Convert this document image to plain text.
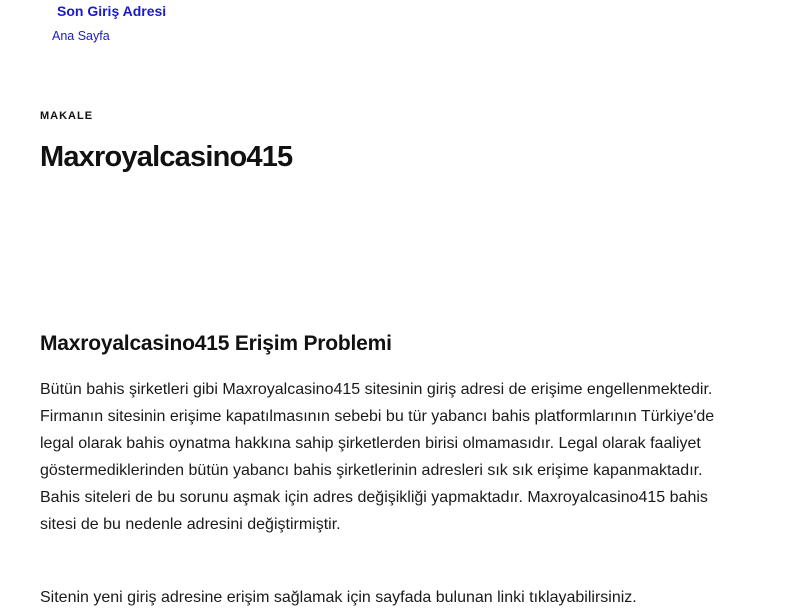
Son Giriş Adresi
Ana Sayfa
MAKALE
Maxroyalcasino415
Maxroyalcasino415 Erişim Problemi

Bütün bahis şirketleri gibi Maxroyalcasino415 sitesinin giriş adresi de erişime engellenmektedir. Firmanın sitesinin erişime kapatılmasının sebebi bu tür yabancı bahis platformlarının Türkiye'de legal olarak bahis oynatma hakkına sahip şirketlerden birisi olmamasıdır. Legal olarak faaliyet göstermediklerinden bütün yabancı bahis şirketlerinin adresleri sık sık erişime kapanmaktadır. Bahis siteleri de bu sorunu aşmak için adres değişikliği yapmaktadır. Maxroyalcasino415 bahis sitesi de bu nedenle adresini değiştirmiştir.

Sitenin yeni giriş adresine erişim sağlamak için sayfada bulunan linki tıklayabilirsiniz.
